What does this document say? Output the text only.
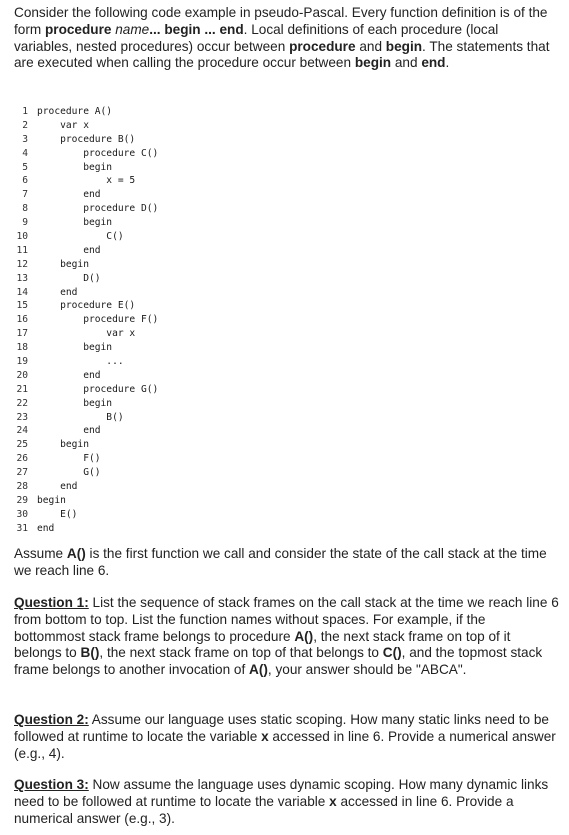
Consider the following code example in pseudo-Pascal. Every function definition is of the form procedure name... begin ... end. Local definitions of each procedure (local variables, nested procedures) occur between procedure and begin. The statements that are executed when calling the procedure occur between begin and end.

1 procedure A()
2 var x
3 procedure B()
4 procedure C()
5 begin
6 x = 5
7 end
8 procedure D()
9 begin
10 C()
11 end
12 begin
13 D()
14 end
15 procedure E()
16 procedure F()
17 var x
18 begin
19 ...
20 end
21 procedure G()
22 begin
23 B()
24 end
25 begin
26 F()
27 G()
28 end
29 begin
30 E()
31 end

Assume A() is the first function we call and consider the state of the call stack at the time we reach line 6.

Question 1: List the sequence of stack frames on the call stack at the time we reach line 6 from bottom to top. List the function names without spaces. For example, if the bottommost stack frame belongs to procedure A(), the next stack frame on top of it belongs to B(), the next stack frame on top of that belongs to C(), and the topmost stack frame belongs to another invocation of A(), your answer should be "ABCA".

Question 2: Assume our language uses static scoping. How many static links need to be followed at runtime to locate the variable x accessed in line 6. Provide a numerical answer (e.g., 4).

Question 3: Now assume the language uses dynamic scoping. How many dynamic links need to be followed at runtime to locate the variable x accessed in line 6. Provide a numerical answer (e.g., 3).
